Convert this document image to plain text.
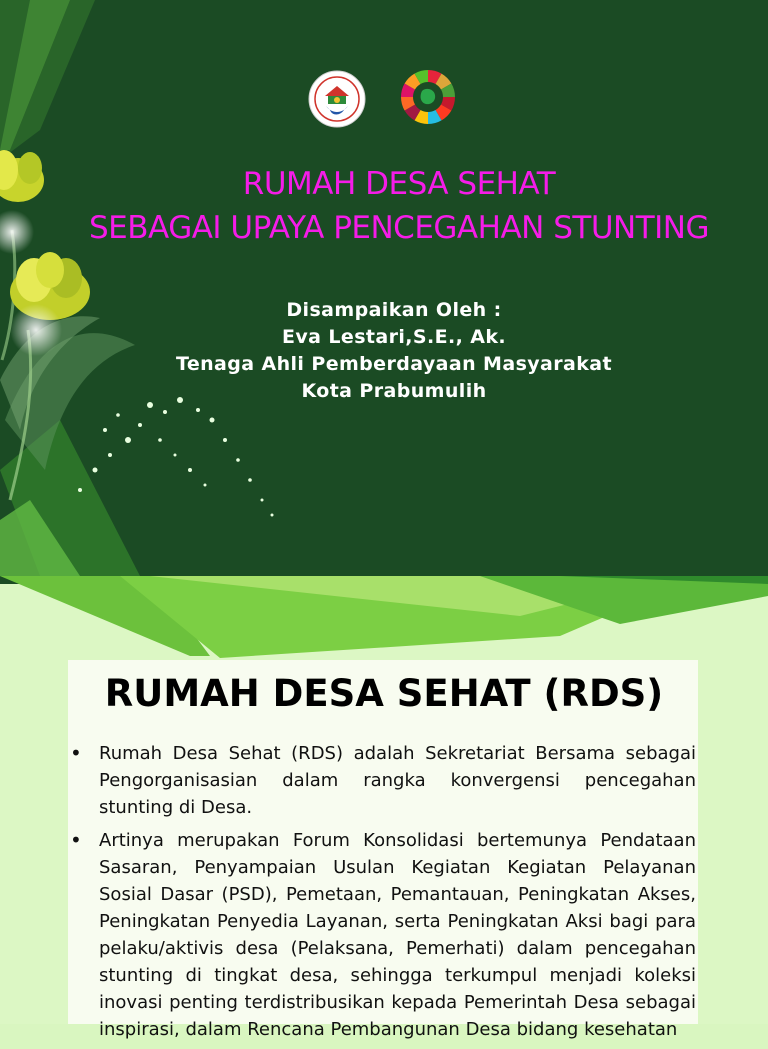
RUMAH DESA SEHAT
SEBAGAI UPAYA PENCEGAHAN STUNTING
Disampaikan Oleh :
Eva Lestari,S.E., Ak.
Tenaga Ahli Pemberdayaan Masyarakat
Kota Prabumulih
RUMAH DESA SEHAT (RDS)
• Rumah Desa Sehat (RDS) adalah Sekretariat Bersama sebagai Pengorganisasian dalam rangka konvergensi pencegahan stunting di Desa.
• Artinya merupakan Forum Konsolidasi bertemunya Pendataan Sasaran, Penyampaian Usulan Kegiatan Kegiatan Pelayanan Sosial Dasar (PSD), Pemetaan, Pemantauan, Peningkatan Akses, Peningkatan Penyedia Layanan, serta Peningkatan Aksi bagi para pelaku/aktivis desa (Pelaksana, Pemerhati) dalam pencegahan stunting di tingkat desa, sehingga terkumpul menjadi koleksi inovasi penting terdistribusikan kepada Pemerintah Desa sebagai inspirasi, dalam Rencana Pembangunan Desa bidang kesehatan
